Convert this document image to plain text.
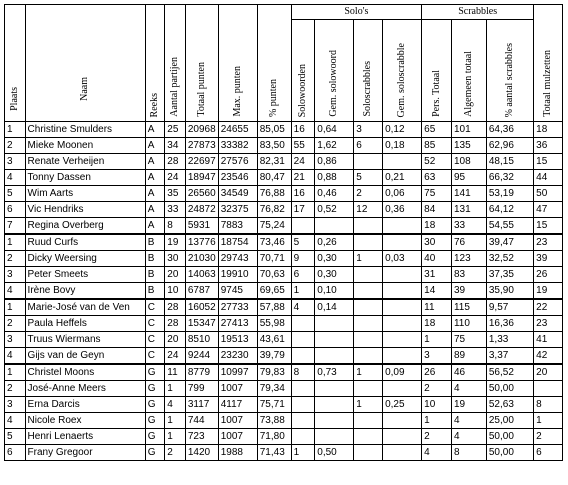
Plaats	Naam	Reeks	Aantal partijen	Totaal punten	Max. punten	% punten	Solo's				Scrabbles			Totaal mulzetten

							Solowoorden	Gem. solowoord	Soloscrabbles	Gem. soloscrabble	Pers. Totaal	Algemeen totaal	% aantal scrabbles	

1	Christine Smulders	A	25	20968	24655	85,05	16	0,64	3	0,12	65	101	64,36	18
2	Mieke Moonen	A	34	27873	33382	83,50	55	1,62	6	0,18	85	135	62,96	36
3	Renate Verheijen	A	28	22697	27576	82,31	24	0,86			52	108	48,15	15
4	Tonny Dassen	A	24	18947	23546	80,47	21	0,88	5	0,21	63	95	66,32	44
5	Wim Aarts	A	35	26560	34549	76,88	16	0,46	2	0,06	75	141	53,19	50
6	Vic Hendriks	A	33	24872	32375	76,82	17	0,52	12	0,36	84	131	64,12	47
7	Regina Overberg	A	8	5931	7883	75,24					18	33	54,55	15
1	Ruud Curfs	B	19	13776	18754	73,46	5	0,26			30	76	39,47	23
2	Dicky Weersing	B	30	21030	29743	70,71	9	0,30	1	0,03	40	123	32,52	39
3	Peter Smeets	B	20	14063	19910	70,63	6	0,30			31	83	37,35	26
4	Irène Bovy	B	10	6787	9745	69,65	1	0,10			14	39	35,90	19
1	Marie-José van de Ven	C	28	16052	27733	57,88	4	0,14			11	115	9,57	22
2	Paula Heffels	C	28	15347	27413	55,98					18	110	16,36	23
3	Truus Wiermans	C	20	8510	19513	43,61					1	75	1,33	41
4	Gijs van de Geyn	C	24	9244	23230	39,79					3	89	3,37	42
1	Christel Moons	G	11	8779	10997	79,83	8	0,73	1	0,09	26	46	56,52	20
2	José-Anne Meers	G	1	799	1007	79,34					2	4	50,00	
3	Erna Darcis	G	4	3117	4117	75,71			1	0,25	10	19	52,63	8
4	Nicole Roex	G	1	744	1007	73,88					1	4	25,00	1
5	Henri Lenaerts	G	1	723	1007	71,80					2	4	50,00	2
6	Frany Gregoor	G	2	1420	1988	71,43	1	0,50			4	8	50,00	6
